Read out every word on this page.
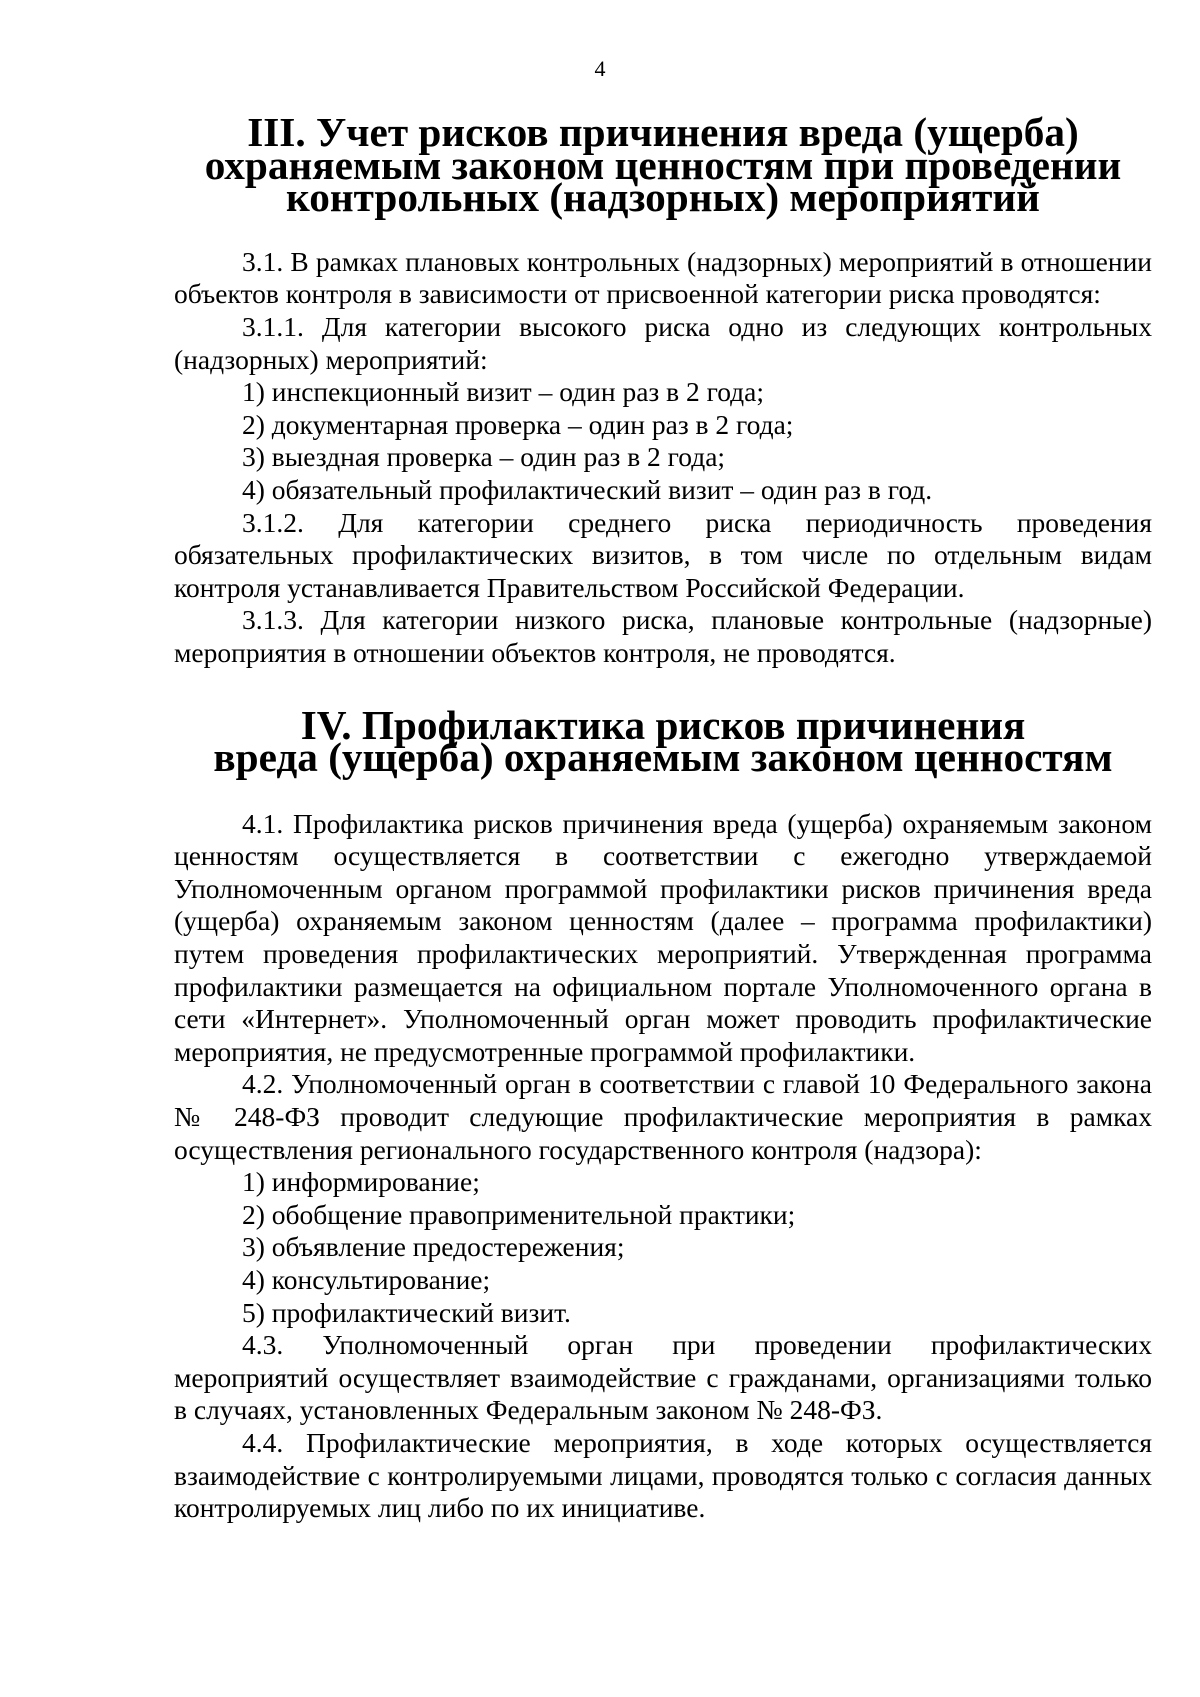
4
III. Учет рисков причинения вреда (ущерба)
охраняемым законом ценностям при проведении
контрольных (надзорных) мероприятий

3.1. В рамках плановых контрольных (надзорных) мероприятий в отношении объектов контроля в зависимости от присвоенной категории риска проводятся:

3.1.1. Для категории высокого риска одно из следующих контрольных (надзорных) мероприятий:

1) инспекционный визит – один раз в 2 года;

2) документарная проверка – один раз в 2 года;

3) выездная проверка – один раз в 2 года;

4) обязательный профилактический визит – один раз в год.

3.1.2. Для категории среднего риска периодичность проведения обязательных профилактических визитов, в том числе по отдельным видам контроля устанавливается Правительством Российской Федерации.

3.1.3. Для категории низкого риска, плановые контрольные (надзорные) мероприятия в отношении объектов контроля, не проводятся.

IV. Профилактика рисков причинения
вреда (ущерба) охраняемым законом ценностям

4.1. Профилактика рисков причинения вреда (ущерба) охраняемым законом ценностям осуществляется в соответствии с ежегодно утверждаемой Уполномоченным органом программой профилактики рисков причинения вреда (ущерба) охраняемым законом ценностям (далее – программа профилактики) путем проведения профилактических мероприятий. Утвержденная программа профилактики размещается на официальном портале Уполномоченного органа в сети «Интернет». Уполномоченный орган может проводить профилактические мероприятия, не предусмотренные программой профилактики.

4.2. Уполномоченный орган в соответствии с главой 10 Федерального закона № 248-ФЗ проводит следующие профилактические мероприятия в рамках осуществления регионального государственного контроля (надзора):

1) информирование;

2) обобщение правоприменительной практики;

3) объявление предостережения;

4) консультирование;

5) профилактический визит.

4.3. Уполномоченный орган при проведении профилактических мероприятий осуществляет взаимодействие с гражданами, организациями только в случаях, установленных Федеральным законом № 248-ФЗ.

4.4. Профилактические мероприятия, в ходе которых осуществляется взаимодействие с контролируемыми лицами, проводятся только с согласия данных контролируемых лиц либо по их инициативе.
